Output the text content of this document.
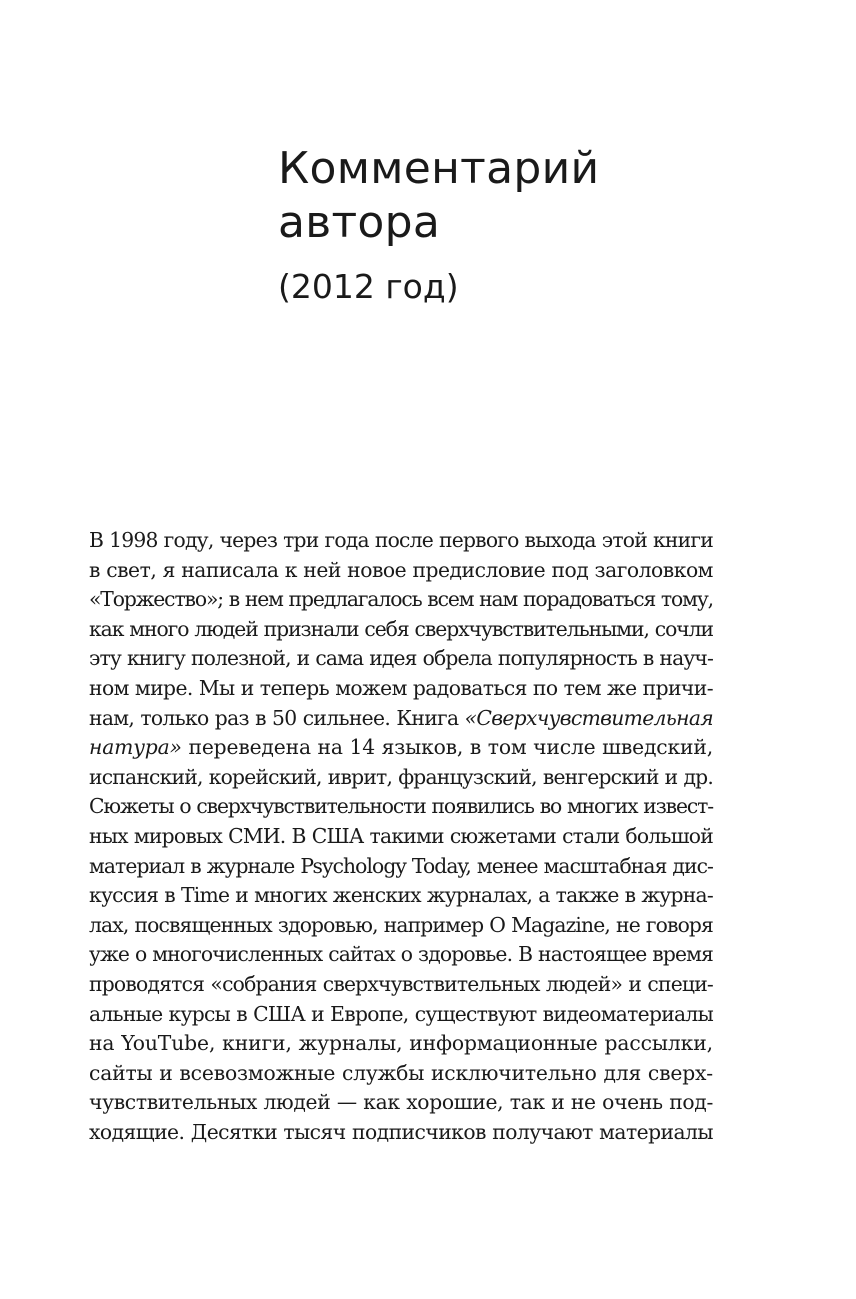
Комментарий
автора
(2012 год)
В 1998 году, через три года после первого выхода этой книги
в свет, я написала к ней новое предисловие под заголовком
«Торжество»; в нем предлагалось всем нам порадоваться тому,
как много людей признали себя сверхчувствительными, сочли
эту книгу полезной, и сама идея обрела популярность в науч-
ном мире. Мы и теперь можем радоваться по тем же причи-
нам, только раз в 50 сильнее. Книга «Сверхчувствительная
натура» переведена на 14 языков, в том числе шведский,
испанский, корейский, иврит, французский, венгерский и др.
Сюжеты о сверхчувствительности появились во многих извест-
ных мировых СМИ. В США такими сюжетами стали большой
материал в журнале Psychology Today, менее масштабная дис-
куссия в Time и многих женских журналах, а также в журна-
лах, посвященных здоровью, например O Magazine, не говоря
уже о многочисленных сайтах о здоровье. В настоящее время
проводятся «собрания сверхчувствительных людей» и специ-
альные курсы в США и Европе, существуют видеоматериалы
на YouTube, книги, журналы, информационные рассылки,
сайты и всевозможные службы исключительно для сверх-
чувствительных людей — как хорошие, так и не очень под-
ходящие. Десятки тысяч подписчиков получают материалы
